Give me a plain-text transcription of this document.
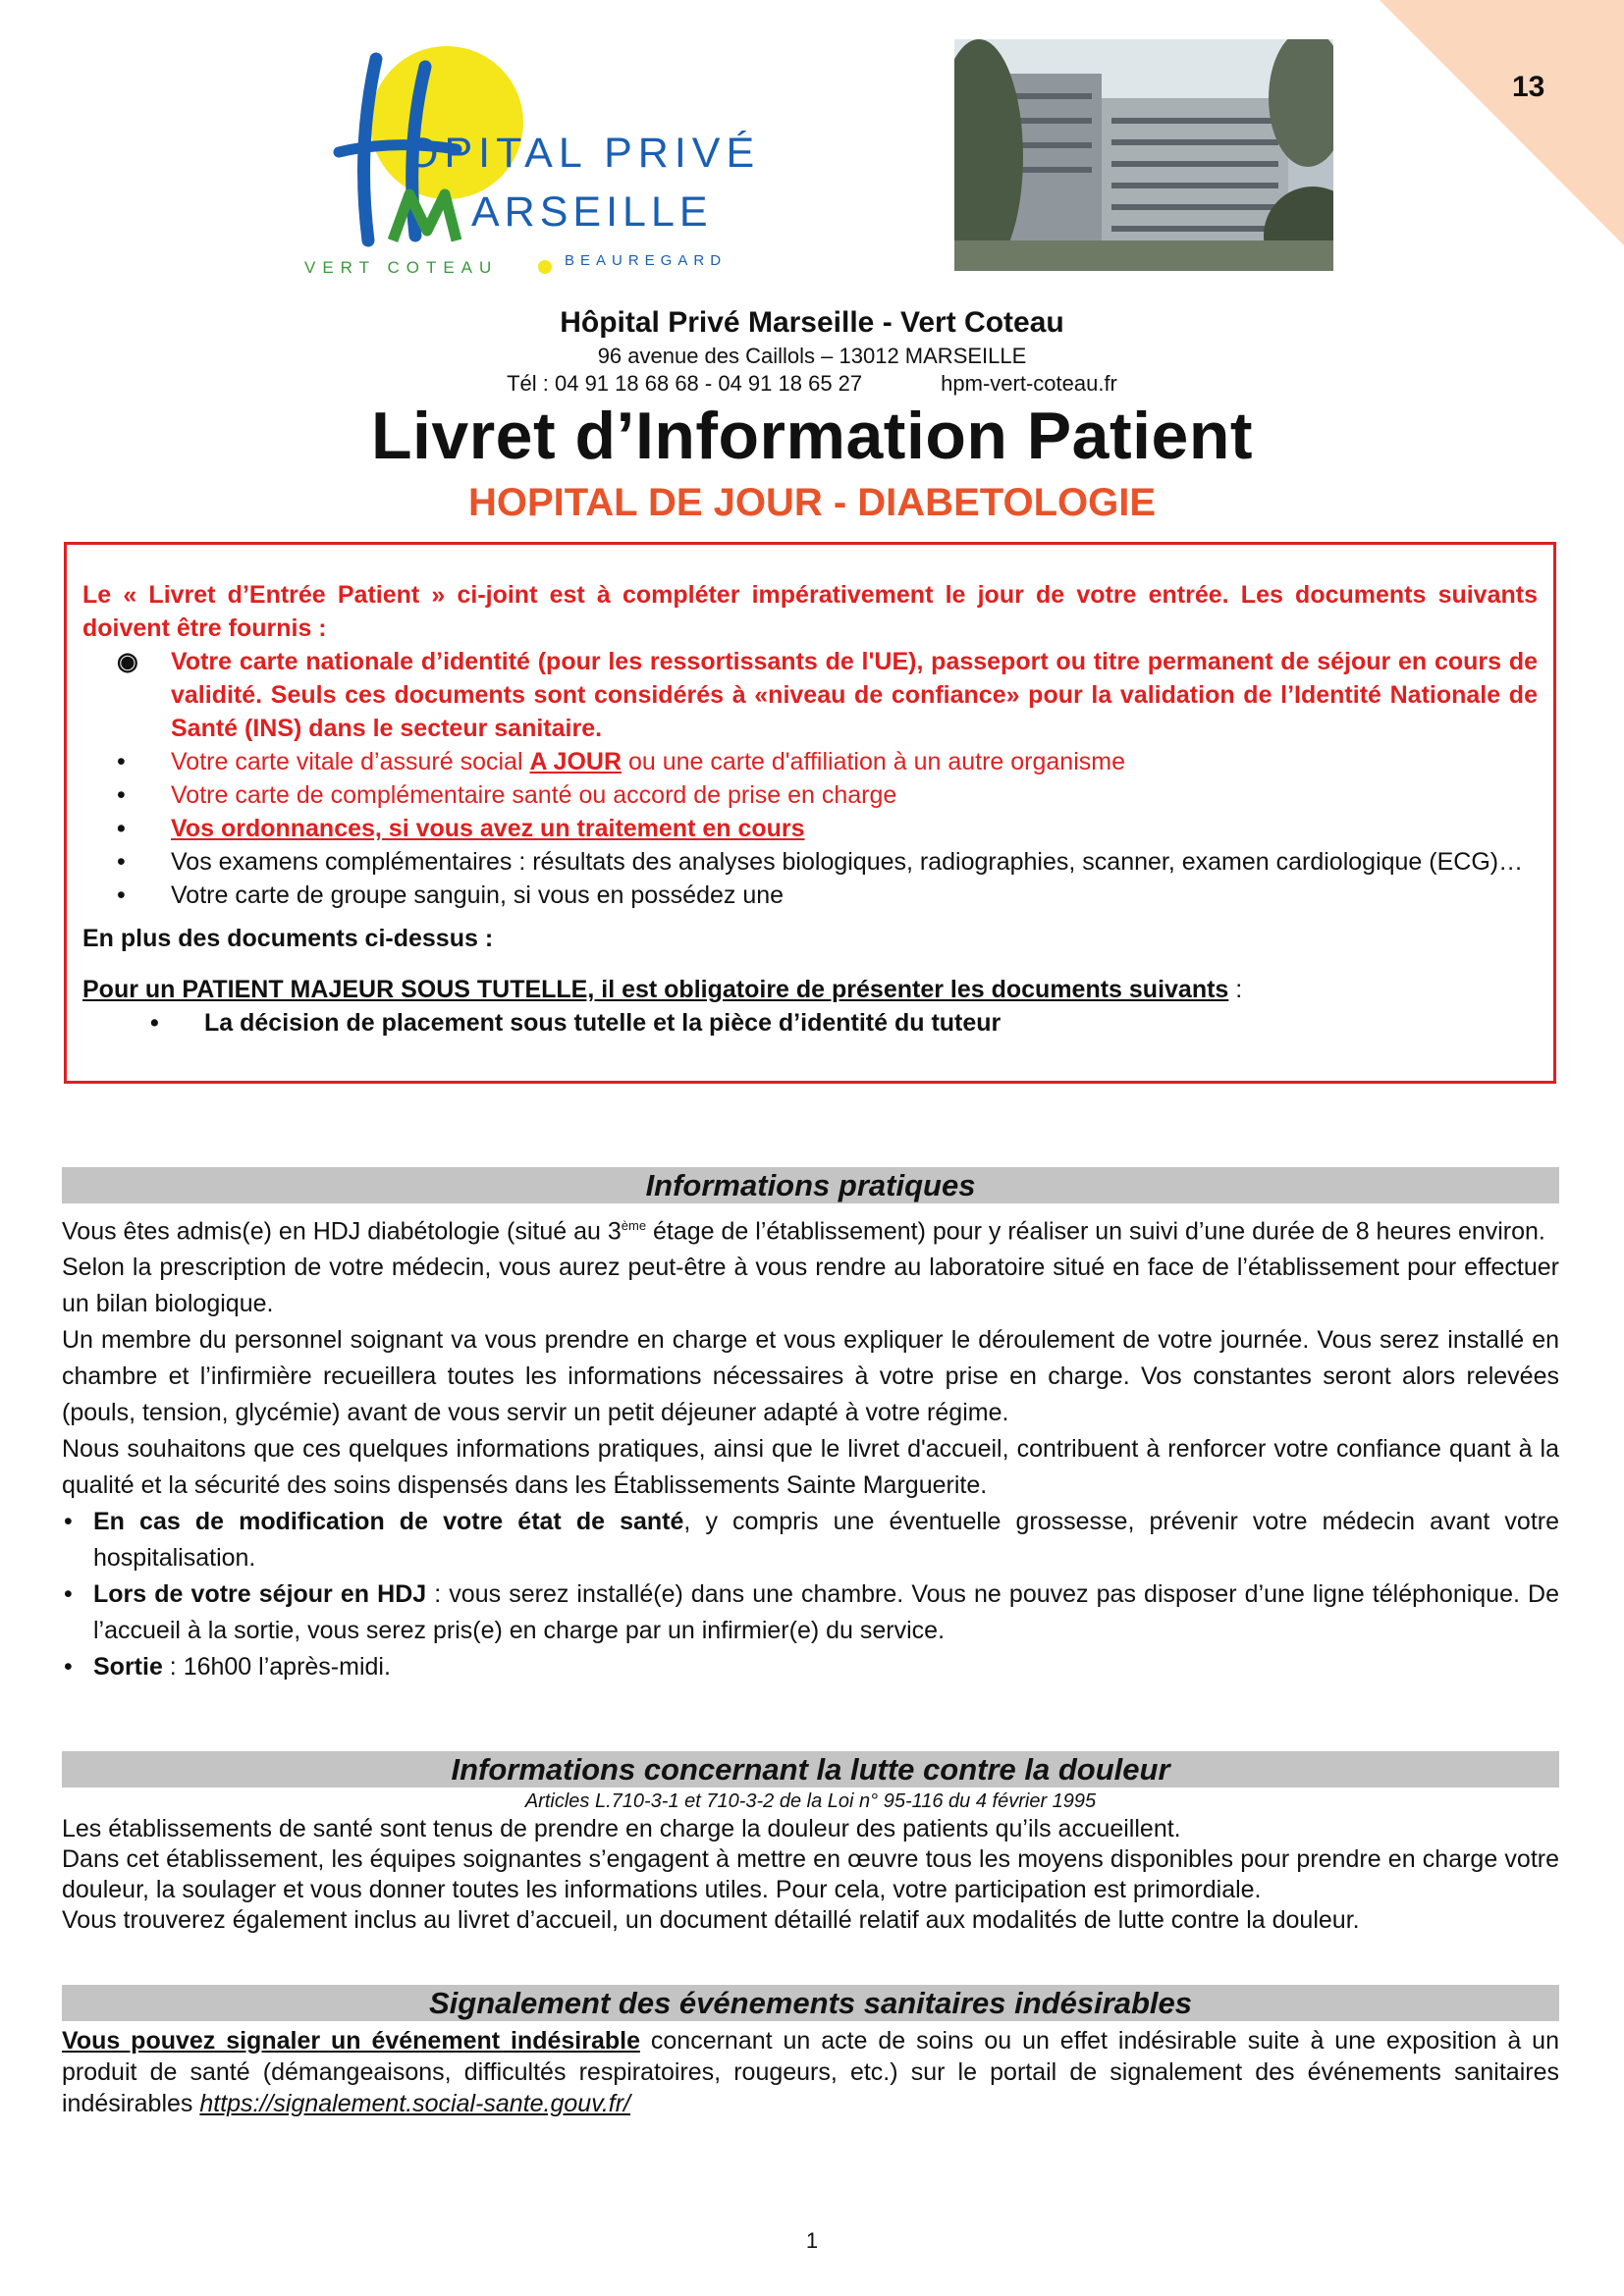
13
OPITAL PRIVÉ
ARSEILLE
VERT COTEAU	BEAUREGARD
Hôpital Privé Marseille - Vert Coteau
96 avenue des Caillols – 13012 MARSEILLE
Tél : 04 91 18 68 68 - 04 91 18 65 27	hpm-vert-coteau.fr
Livret d’Information Patient
HOPITAL DE JOUR - DIABETOLOGIE

Le « Livret d’Entrée Patient » ci-joint est à compléter impérativement le jour de votre entrée. Les documents suivants doivent être fournis :

◉ Votre carte nationale d’identité (pour les ressortissants de l'UE), passeport ou titre permanent de séjour en cours de validité. Seuls ces documents sont considérés à «niveau de confiance» pour la validation de l’Identité Nationale de Santé (INS) dans le secteur sanitaire.
• Votre carte vitale d’assuré social A JOUR ou une carte d'affiliation à un autre organisme
• Votre carte de complémentaire santé ou accord de prise en charge
• Vos ordonnances, si vous avez un traitement en cours
• Vos examens complémentaires : résultats des analyses biologiques, radiographies, scanner, examen cardiologique (ECG)…
• Votre carte de groupe sanguin, si vous en possédez une

En plus des documents ci-dessus :

Pour un PATIENT MAJEUR SOUS TUTELLE, il est obligatoire de présenter les documents suivants :

• La décision de placement sous tutelle et la pièce d’identité du tuteur
Informations pratiques

Vous êtes admis(e) en HDJ diabétologie (situé au 3ème étage de l’établissement) pour y réaliser un suivi d’une durée de 8 heures environ.

Selon la prescription de votre médecin, vous aurez peut-être à vous rendre au laboratoire situé en face de l’établissement pour effectuer un bilan biologique.

Un membre du personnel soignant va vous prendre en charge et vous expliquer le déroulement de votre journée. Vous serez installé en chambre et l’infirmière recueillera toutes les informations nécessaires à votre prise en charge. Vos constantes seront alors relevées (pouls, tension, glycémie) avant de vous servir un petit déjeuner adapté à votre régime.

Nous souhaitons que ces quelques informations pratiques, ainsi que le livret d'accueil, contribuent à renforcer votre confiance quant à la qualité et la sécurité des soins dispensés dans les Établissements Sainte Marguerite.

• En cas de modification de votre état de santé, y compris une éventuelle grossesse, prévenir votre médecin avant votre hospitalisation.
• Lors de votre séjour en HDJ : vous serez installé(e) dans une chambre. Vous ne pouvez pas disposer d’une ligne téléphonique. De l’accueil à la sortie, vous serez pris(e) en charge par un infirmier(e) du service.
• Sortie : 16h00 l’après-midi.
Informations concernant la lutte contre la douleur

Articles L.710-3-1 et 710-3-2 de la Loi n° 95-116 du 4 février 1995

Les établissements de santé sont tenus de prendre en charge la douleur des patients qu’ils accueillent.

Dans cet établissement, les équipes soignantes s’engagent à mettre en œuvre tous les moyens disponibles pour prendre en charge votre douleur, la soulager et vous donner toutes les informations utiles. Pour cela, votre participation est primordiale.

Vous trouverez également inclus au livret d’accueil, un document détaillé relatif aux modalités de lutte contre la douleur.

Signalement des événements sanitaires indésirables

Vous pouvez signaler un événement indésirable concernant un acte de soins ou un effet indésirable suite à une exposition à un produit de santé (démangeaisons, difficultés respiratoires, rougeurs, etc.) sur le portail de signalement des événements sanitaires indésirables https://signalement.social-sante.gouv.fr/

1
